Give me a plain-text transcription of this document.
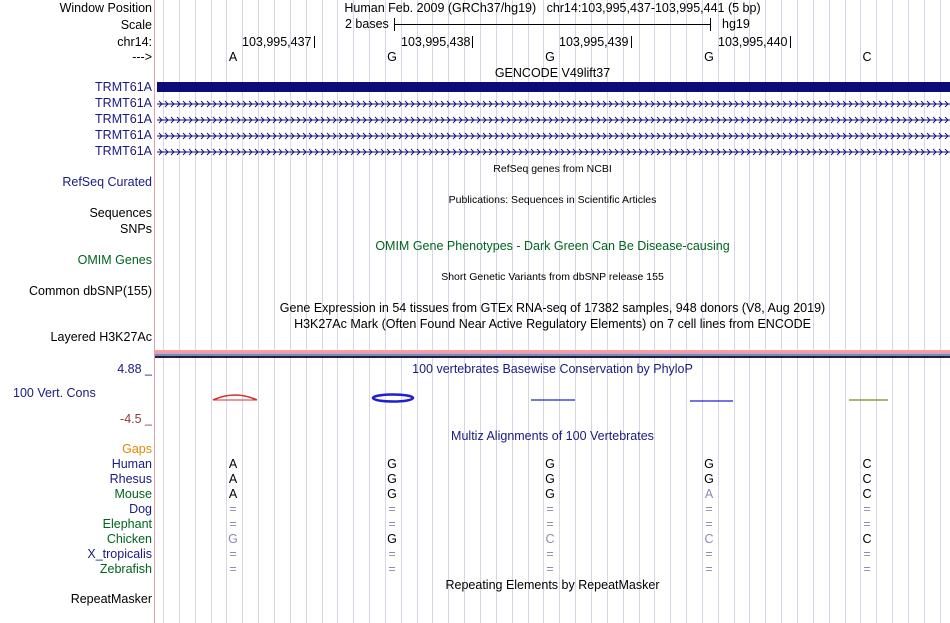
Window Position	Human Feb. 2009 (GRCh37/hg19) chr14:103,995,437-103,995,441 (5 bp)
Scale	2 bases	hg19
chr14:	103,995,437	103,995,438	103,995,439	103,995,440
--->	A	G	G	G	C
GENCODE V49lift37
TRMT61A
TRMT61A
TRMT61A
TRMT61A
TRMT61A
RefSeq genes from NCBI
RefSeq Curated
Publications: Sequences in Scientific Articles
Sequences
SNPs
OMIM Gene Phenotypes - Dark Green Can Be Disease-causing
OMIM Genes
Short Genetic Variants from dbSNP release 155
Common dbSNP(155)
Gene Expression in 54 tissues from GTEx RNA-seq of 17382 samples, 948 donors (V8, Aug 2019)
H3K27Ac Mark (Often Found Near Active Regulatory Elements) on 7 cell lines from ENCODE
Layered H3K27Ac
4.88 _	100 vertebrates Basewise Conservation by PhyloP
100 Vert. Cons
-4.5 _
Multiz Alignments of 100 Vertebrates
Gaps
Human	A	G	G	G	C
Rhesus	A	G	G	G	C
Mouse	A	G	G	A	C
Dog	=	=	=	=	=
Elephant	=	=	=	=	=
Chicken	G	G	C	C	C
X_tropicalis	=	=	=	=	=
Zebrafish	=	=	=	=	=
Repeating Elements by RepeatMasker
RepeatMasker
